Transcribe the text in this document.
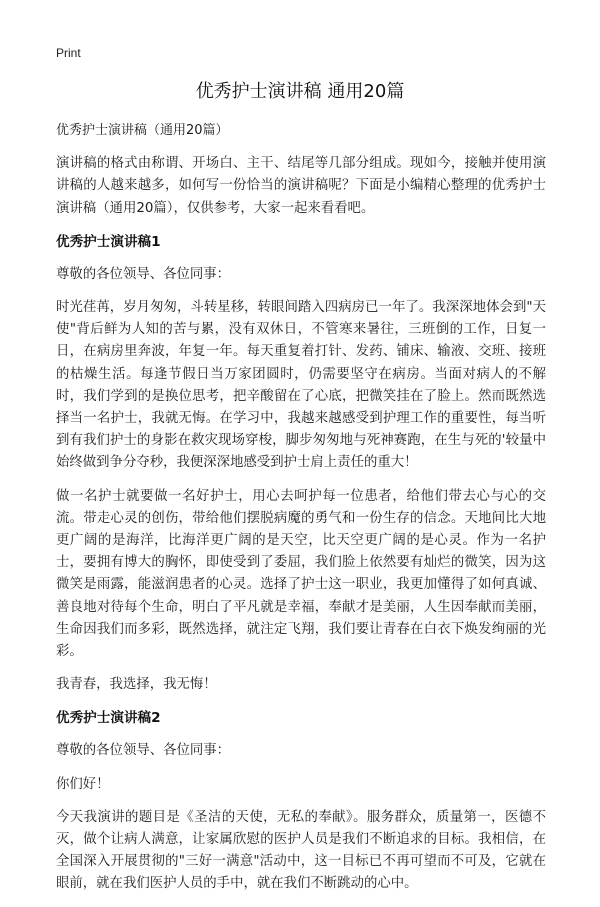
Print
优秀护士演讲稿 通用20篇

优秀护士演讲稿（通用20篇）

演讲稿的格式由称谓、开场白、主干、结尾等几部分组成。现如今，接触并使用演讲稿的人越来越多，如何写一份恰当的演讲稿呢？下面是小编精心整理的优秀护士演讲稿（通用20篇），仅供参考，大家一起来看看吧。

优秀护士演讲稿1

尊敬的各位领导、各位同事：

时光荏苒，岁月匆匆，斗转星移，转眼间踏入四病房已一年了。我深深地体会到"天使"背后鲜为人知的苦与累，没有双休日，不管寒来暑往，三班倒的工作，日复一日，在病房里奔波，年复一年。每天重复着打针、发药、铺床、输液、交班、接班的枯燥生活。每逢节假日当万家团圆时，仍需要坚守在病房。当面对病人的不解时，我们学到的是换位思考，把辛酸留在了心底，把微笑挂在了脸上。然而既然选择当一名护士，我就无悔。在学习中，我越来越感受到护理工作的重要性，每当听到有我们护士的身影在救灾现场穿梭，脚步匆匆地与死神赛跑，在生与死的'较量中始终做到争分夺秒，我便深深地感受到护士肩上责任的重大！

做一名护士就要做一名好护士，用心去呵护每一位患者，给他们带去心与心的交流。带走心灵的创伤，带给他们摆脱病魔的勇气和一份生存的信念。天地间比大地更广阔的是海洋，比海洋更广阔的是天空，比天空更广阔的是心灵。作为一名护士，要拥有博大的胸怀，即使受到了委屈，我们脸上依然要有灿烂的微笑，因为这微笑是雨露，能滋润患者的心灵。选择了护士这一职业，我更加懂得了如何真诚、善良地对待每个生命，明白了平凡就是幸福，奉献才是美丽，人生因奉献而美丽，生命因我们而多彩，既然选择，就注定飞翔，我们要让青春在白衣下焕发绚丽的光彩。

我青春，我选择，我无悔！

优秀护士演讲稿2

尊敬的各位领导、各位同事：

你们好！

今天我演讲的题目是《圣洁的天使，无私的奉献》。服务群众，质量第一，医德不灭，做个让病人满意，让家属欣慰的医护人员是我们不断追求的目标。我相信，在全国深入开展贯彻的"三好一满意"活动中，这一目标已不再可望而不可及，它就在眼前，就在我们医护人员的手中，就在我们不断跳动的心中。
